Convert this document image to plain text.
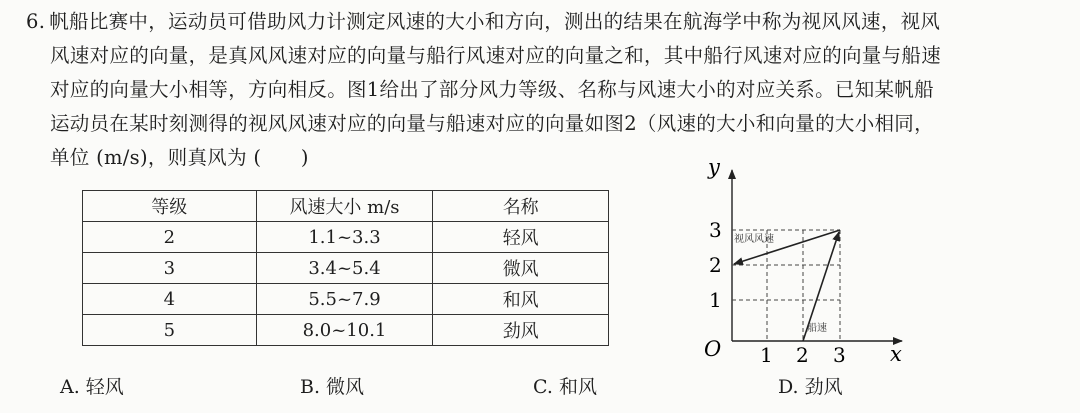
6. 帆船比赛中，运动员可借助风力计测定风速的大小和方向，测出的结果在航海学中称为视风风速，视风
风速对应的向量，是真风风速对应的向量与船行风速对应的向量之和，其中船行风速对应的向量与船速
对应的向量大小相等，方向相反。图1给出了部分风力等级、名称与风速大小的对应关系。已知某帆船
运动员在某时刻测得的视风风速对应的向量与船速对应的向量如图2（风速的大小和向量的大小相同，
单位 (m/s)，则真风为 (　　)
等级	风速大小 m/s	名称
2	1.1~3.3	轻风
3	3.4~5.4	微风
4	5.5~7.9	和风
5	8.0~10.1	劲风
视风风速
船速
y
x
O 1 2 3
1
2
3
A. 轻风	B. 微风	C. 和风	D. 劲风
